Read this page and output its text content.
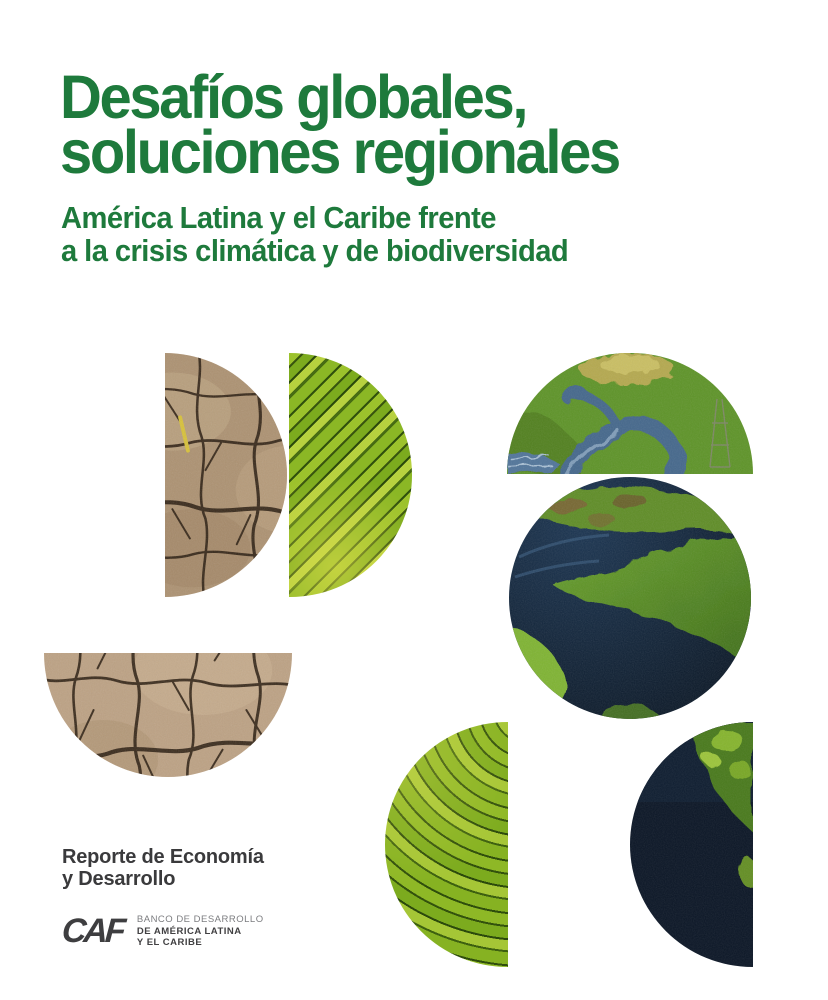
Desafíos globales,
soluciones regionales
América Latina y el Caribe frente
a la crisis climática y de biodiversidad
Reporte de Economía
y Desarrollo
CAF	BANCO DE DESARROLLO
DE AMÉRICA LATINA
Y EL CARIBE
